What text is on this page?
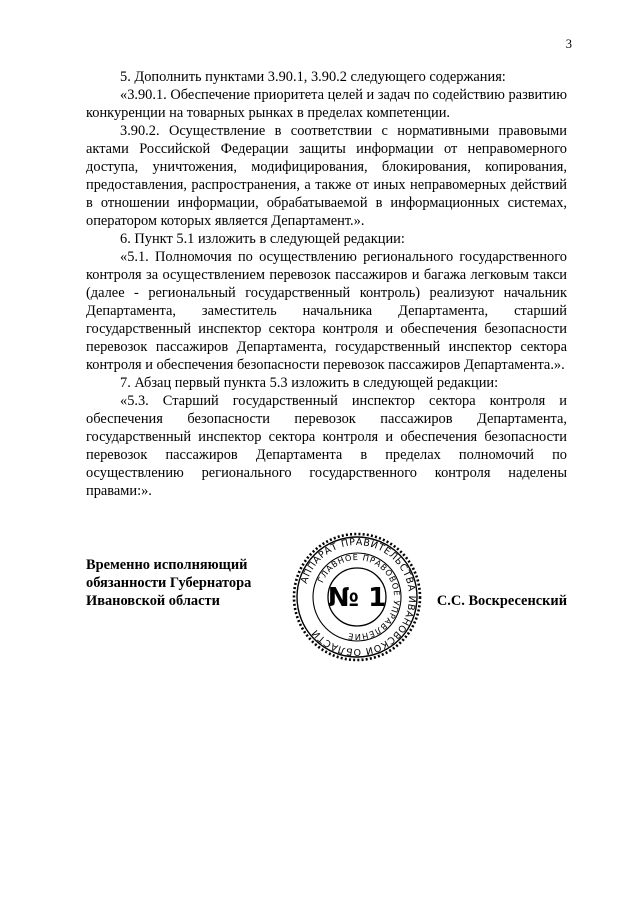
3

5. Дополнить пунктами 3.90.1, 3.90.2 следующего содержания:

«3.90.1. Обеспечение приоритета целей и задач по содействию развитию конкуренции на товарных рынках в пределах компетенции.

3.90.2. Осуществление в соответствии с нормативными правовыми актами Российской Федерации защиты информации от неправомерного доступа, уничтожения, модифицирования, блокирования, копирования, предоставления, распространения, а также от иных неправомерных действий в отношении информации, обрабатываемой в информационных системах, оператором которых является Департамент.».

6. Пункт 5.1 изложить в следующей редакции:

«5.1. Полномочия по осуществлению регионального государственного контроля за осуществлением перевозок пассажиров и багажа легковым такси (далее - региональный государственный контроль) реализуют начальник Департамента, заместитель начальника Департамента, старший государственный инспектор сектора контроля и обеспечения безопасности перевозок пассажиров Департамента, государственный инспектор сектора контроля и обеспечения безопасности перевозок пассажиров Департамента.».

7. Абзац первый пункта 5.3 изложить в следующей редакции:

«5.3. Старший государственный инспектор сектора контроля и обеспечения безопасности перевозок пассажиров Департамента, государственный инспектор сектора контроля и обеспечения безопасности перевозок пассажиров Департамента в пределах полномочий по осуществлению регионального государственного контроля наделены правами:».

Временно исполняющий
обязанности Губернатора
Ивановской области
АППАРАТ ПРАВИТЕЛЬСТВА ИВАНОВСКОЙ ОБЛАСТИ
ГЛАВНОЕ ПРАВОВОЕ УПРАВЛЕНИЕ
№ 1	С.С. Воскресенский
